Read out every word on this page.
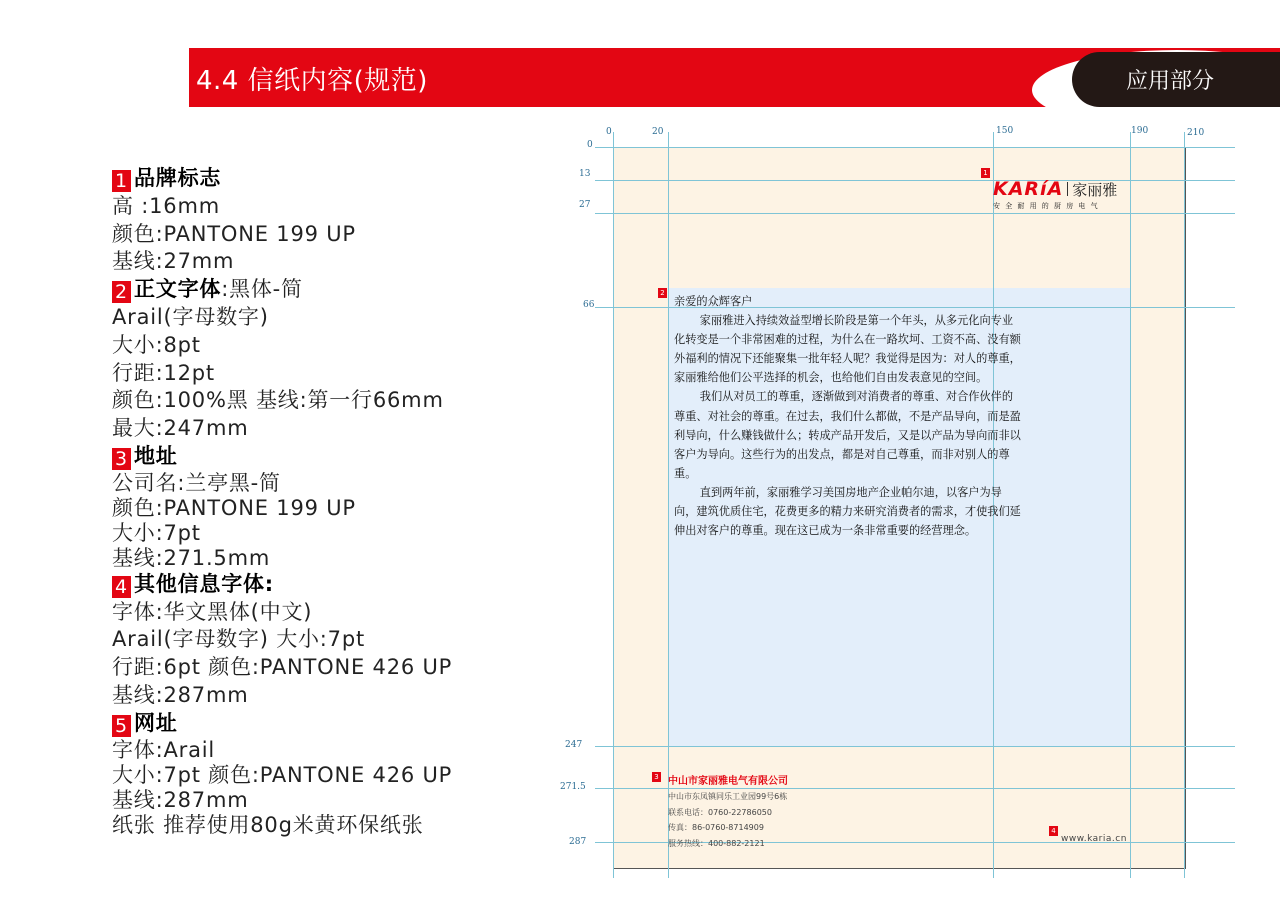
4.4 信纸内容(规范)	应用部分
1 品牌标志
高 :16mm
颜色:PANTONE 199 UP
基线:27mm
2 正文字体:黑体-简
Arail(字母数字)
大小:8pt
行距:12pt
颜色:100%黑 基线:第一行66mm
最大:247mm
3 地址
公司名:兰亭黑-简
颜色:PANTONE 199 UP
大小:7pt
基线:271.5mm
4 其他信息字体:
字体:华文黑体(中文)
Arail(字母数字) 大小:7pt
行距:6pt 颜色:PANTONE 426 UP
基线:287mm
5 网址
字体:Arail
大小:7pt 颜色:PANTONE 426 UP
基线:287mm
纸张 推荐使用80g米黄环保纸张
0	20	150	190	210
0
13
27
66
247
271.5
287
1
2
3
4
KARíA 家丽雅
安全耐用的厨房电气

亲爱的众辉客户

家丽雅进入持续效益型增长阶段是第一个年头，从多元化向专业化转变是一个非常困难的过程，为什么在一路坎坷、工资不高、没有额外福利的情况下还能聚集一批年轻人呢？我觉得是因为：对人的尊重，家丽雅给他们公平选择的机会，也给他们自由发表意见的空间。

我们从对员工的尊重，逐渐做到对消费者的尊重、对合作伙伴的尊重、对社会的尊重。在过去，我们什么都做，不是产品导向，而是盈利导向，什么赚钱做什么；转成产品开发后，又是以产品为导向而非以客户为导向。这些行为的出发点，都是对自己尊重，而非对别人的尊重。

直到两年前，家丽雅学习美国房地产企业帕尔迪，以客户为导向，建筑优质住宅，花费更多的精力来研究消费者的需求，才使我们延伸出对客户的尊重。现在这已成为一条非常重要的经营理念。

中山市家丽雅电气有限公司
中山市东凤镇同乐工业园99号6栋
联系电话：0760-22786050
传真：86-0760-8714909
服务热线：400-882-2121	www.karia.cn
